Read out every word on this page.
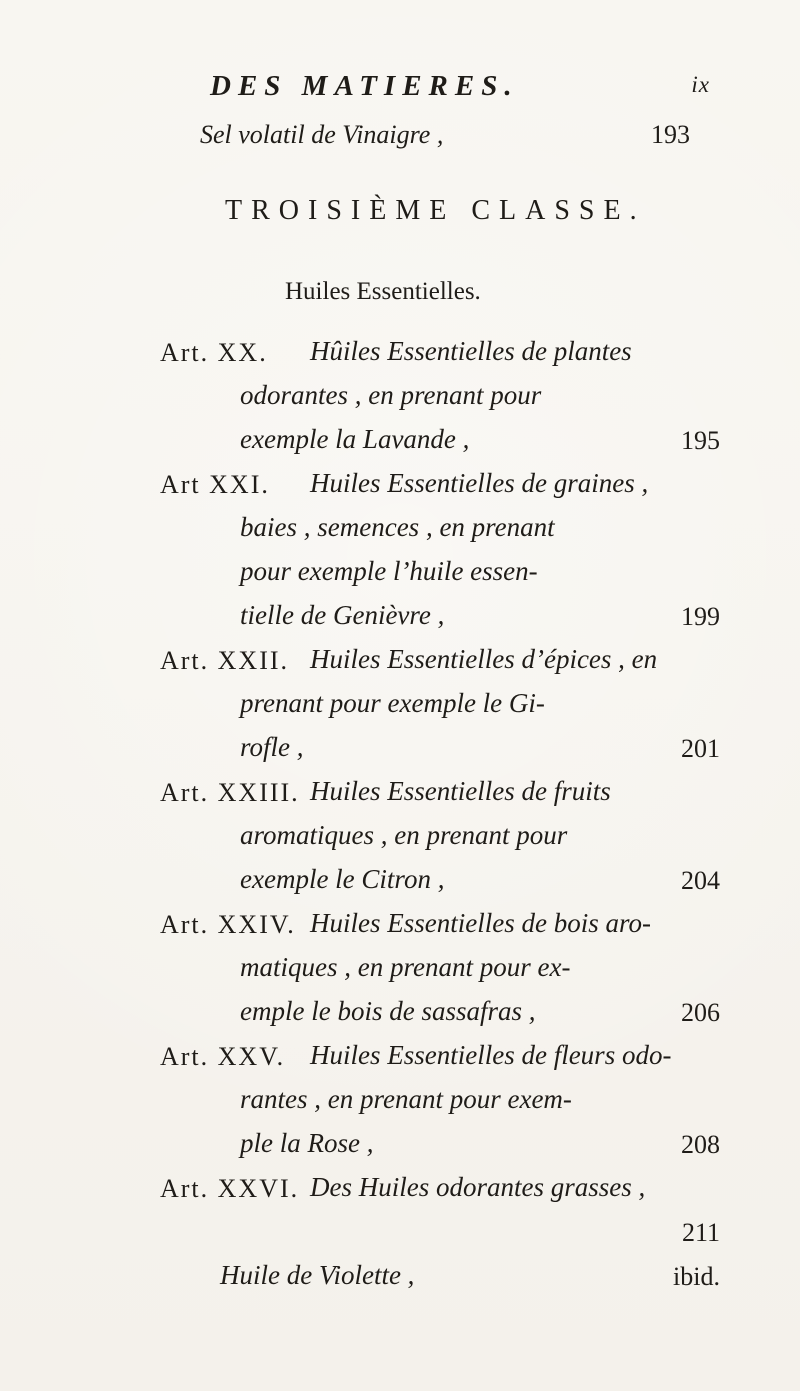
DES MATIERES.	ix
Sel volatil de Vinaigre ,	193
TROISIÈME CLASSE.
Huiles Essentielles.
Art. XX. Hûiles Essentielles de plantes
odorantes , en prenant pour
exemple la Lavande ,	195
Art XXI. Huiles Essentielles de graines ,
baies , semences , en prenant
pour exemple l’huile essen-
tielle de Genièvre ,	199
Art. XXII. Huiles Essentielles d’épices , en
prenant pour exemple le Gi-
rofle ,	201
Art. XXIII. Huiles Essentielles de fruits
aromatiques , en prenant pour
exemple le Citron ,	204
Art. XXIV. Huiles Essentielles de bois aro-
matiques , en prenant pour ex-
emple le bois de sassafras ,	206
Art. XXV. Huiles Essentielles de fleurs odo-
rantes , en prenant pour exem-
ple la Rose ,	208
Art. XXVI. Des Huiles odorantes grasses ,
211
Huile de Violette ,	ibid.
